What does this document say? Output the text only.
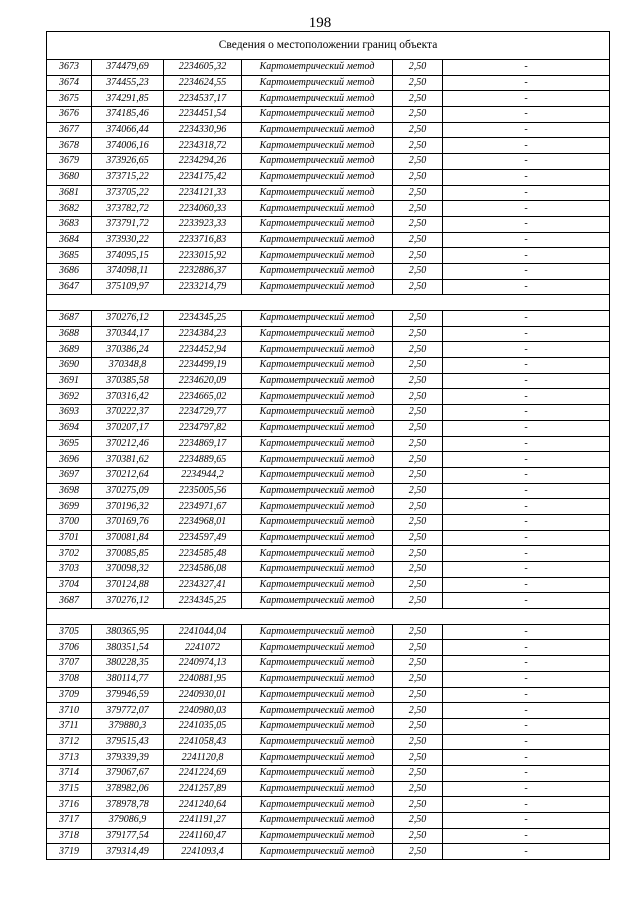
198
Сведения о местоположении границ объекта					
3673	374479,69	2234605,32	Картометрический метод	2,50	-
3674	374455,23	2234624,55	Картометрический метод	2,50	-
3675	374291,85	2234537,17	Картометрический метод	2,50	-
3676	374185,46	2234451,54	Картометрический метод	2,50	-
3677	374066,44	2234330,96	Картометрический метод	2,50	-
3678	374006,16	2234318,72	Картометрический метод	2,50	-
3679	373926,65	2234294,26	Картометрический метод	2,50	-
3680	373715,22	2234175,42	Картометрический метод	2,50	-
3681	373705,22	2234121,33	Картометрический метод	2,50	-
3682	373782,72	2234060,33	Картометрический метод	2,50	-
3683	373791,72	2233923,33	Картометрический метод	2,50	-
3684	373930,22	2233716,83	Картометрический метод	2,50	-
3685	374095,15	2233015,92	Картометрический метод	2,50	-
3686	374098,11	2232886,37	Картометрический метод	2,50	-
3647	375109,97	2233214,79	Картометрический метод	2,50	-

3687	370276,12	2234345,25	Картометрический метод	2,50	-
3688	370344,17	2234384,23	Картометрический метод	2,50	-
3689	370386,24	2234452,94	Картометрический метод	2,50	-
3690	370348,8	2234499,19	Картометрический метод	2,50	-
3691	370385,58	2234620,09	Картометрический метод	2,50	-
3692	370316,42	2234665,02	Картометрический метод	2,50	-
3693	370222,37	2234729,77	Картометрический метод	2,50	-
3694	370207,17	2234797,82	Картометрический метод	2,50	-
3695	370212,46	2234869,17	Картометрический метод	2,50	-
3696	370381,62	2234889,65	Картометрический метод	2,50	-
3697	370212,64	2234944,2	Картометрический метод	2,50	-
3698	370275,09	2235005,56	Картометрический метод	2,50	-
3699	370196,32	2234971,67	Картометрический метод	2,50	-
3700	370169,76	2234968,01	Картометрический метод	2,50	-
3701	370081,84	2234597,49	Картометрический метод	2,50	-
3702	370085,85	2234585,48	Картометрический метод	2,50	-
3703	370098,32	2234586,08	Картометрический метод	2,50	-
3704	370124,88	2234327,41	Картометрический метод	2,50	-
3687	370276,12	2234345,25	Картометрический метод	2,50	-

3705	380365,95	2241044,04	Картометрический метод	2,50	-
3706	380351,54	2241072	Картометрический метод	2,50	-
3707	380228,35	2240974,13	Картометрический метод	2,50	-
3708	380114,77	2240881,95	Картометрический метод	2,50	-
3709	379946,59	2240930,01	Картометрический метод	2,50	-
3710	379772,07	2240980,03	Картометрический метод	2,50	-
3711	379880,3	2241035,05	Картометрический метод	2,50	-
3712	379515,43	2241058,43	Картометрический метод	2,50	-
3713	379339,39	2241120,8	Картометрический метод	2,50	-
3714	379067,67	2241224,69	Картометрический метод	2,50	-
3715	378982,06	2241257,89	Картометрический метод	2,50	-
3716	378978,78	2241240,64	Картометрический метод	2,50	-
3717	379086,9	2241191,27	Картометрический метод	2,50	-
3718	379177,54	2241160,47	Картометрический метод	2,50	-
3719	379314,49	2241093,4	Картометрический метод	2,50	-
